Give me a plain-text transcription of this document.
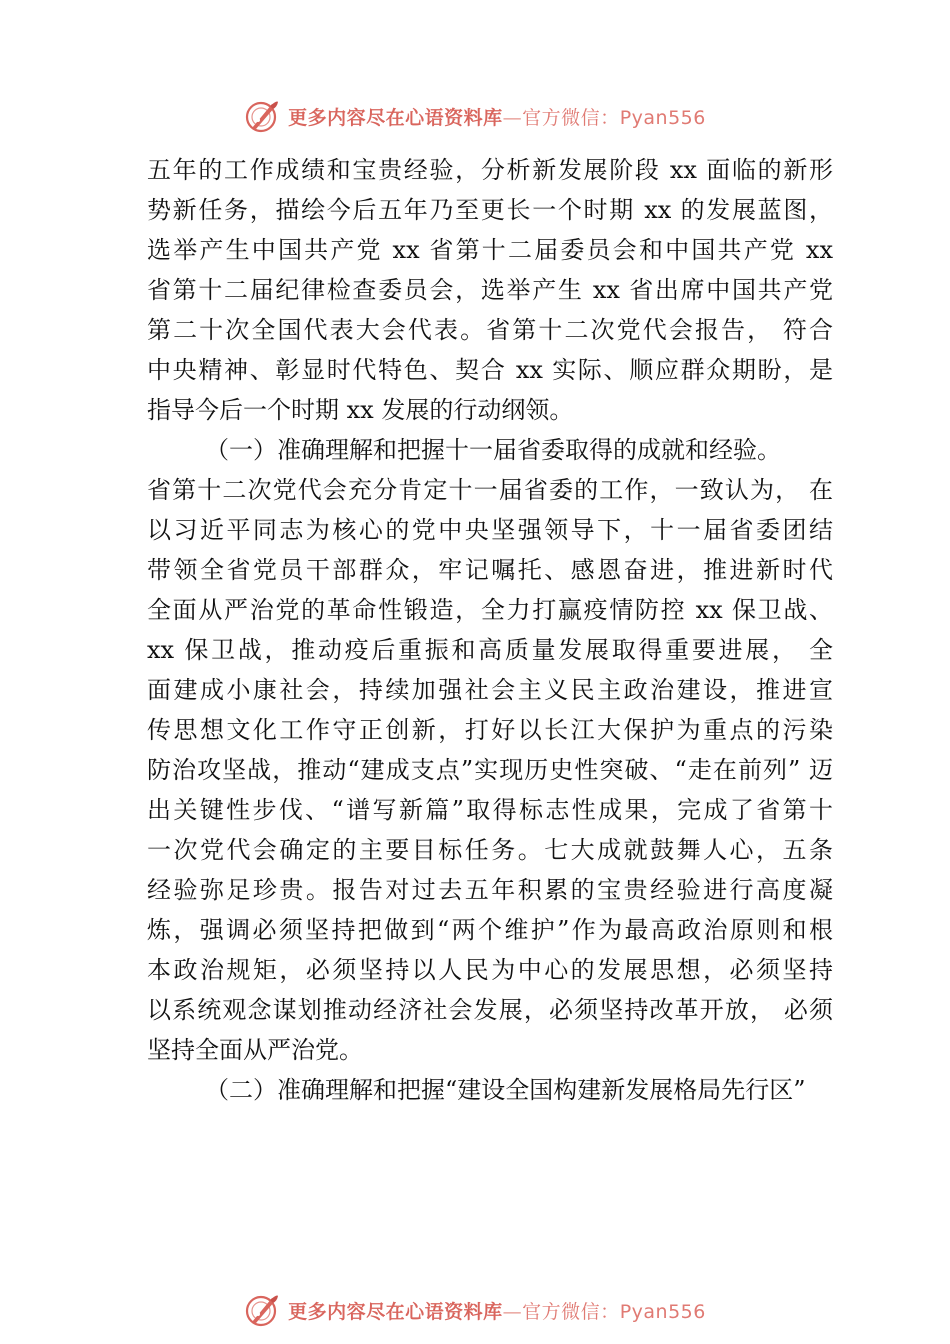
更多内容尽在心语资料库—官方微信：Pyan556
五年的工作成绩和宝贵经验，分析新发展阶段 xx 面临的新形
势新任务，描绘今后五年乃至更长一个时期 xx 的发展蓝图，
选举产生中国共产党 xx 省第十二届委员会和中国共产党 xx
省第十二届纪律检查委员会，选举产生 xx 省出席中国共产党
第二十次全国代表大会代表。省第十二次党代会报告， 符合
中央精神、彰显时代特色、契合 xx 实际、顺应群众期盼，是
指导今后一个时期 xx 发展的行动纲领。
（一）准确理解和把握十一届省委取得的成就和经验。
省第十二次党代会充分肯定十一届省委的工作，一致认为， 在
以习近平同志为核心的党中央坚强领导下，十一届省委团结
带领全省党员干部群众，牢记嘱托、感恩奋进，推进新时代
全面从严治党的革命性锻造，全力打赢疫情防控 xx 保卫战、
xx 保卫战，推动疫后重振和高质量发展取得重要进展， 全
面建成小康社会，持续加强社会主义民主政治建设，推进宣
传思想文化工作守正创新，打好以长江大保护为重点的污染
防治攻坚战，推动“建成支点”实现历史性突破、“走在前列” 迈
出关键性步伐、“谱写新篇”取得标志性成果，完成了省第十
一次党代会确定的主要目标任务。七大成就鼓舞人心，五条
经验弥足珍贵。报告对过去五年积累的宝贵经验进行高度凝
炼，强调必须坚持把做到“两个维护”作为最高政治原则和根
本政治规矩，必须坚持以人民为中心的发展思想，必须坚持
以系统观念谋划推动经济社会发展，必须坚持改革开放， 必须
坚持全面从严治党。
（二）准确理解和把握“建设全国构建新发展格局先行区”
更多内容尽在心语资料库—官方微信：Pyan556
